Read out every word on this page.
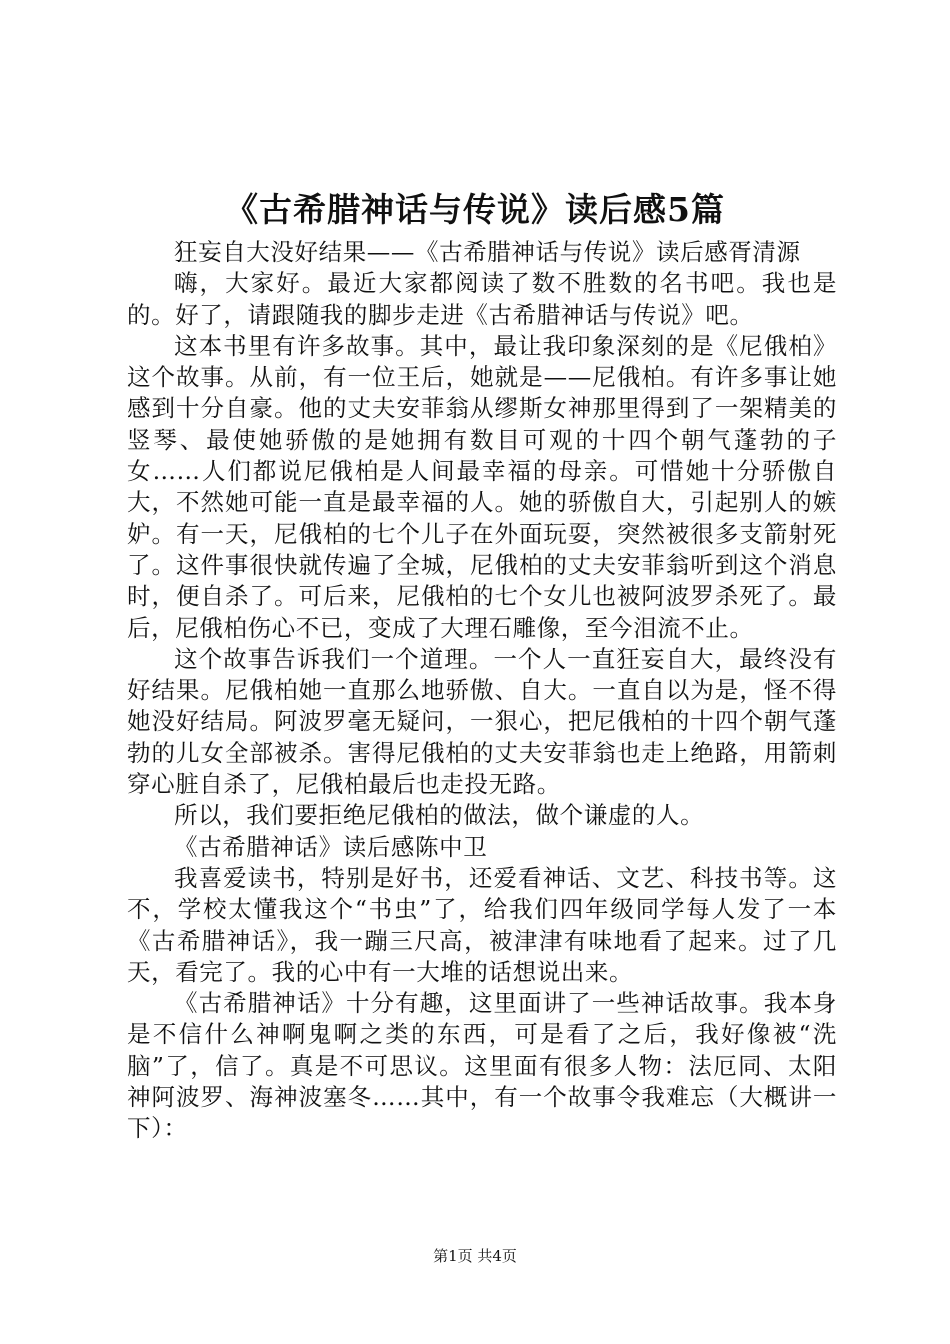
《古希腊神话与传说》读后感5篇

狂妄自大没好结果——《古希腊神话与传说》读后感胥清源

嗨，大家好。最近大家都阅读了数不胜数的名书吧。我也是的。好了，请跟随我的脚步走进《古希腊神话与传说》吧。

这本书里有许多故事。其中，最让我印象深刻的是《尼俄柏》这个故事。从前，有一位王后，她就是——尼俄柏。有许多事让她感到十分自豪。他的丈夫安菲翁从缪斯女神那里得到了一架精美的竖琴、最使她骄傲的是她拥有数目可观的十四个朝气蓬勃的子女……人们都说尼俄柏是人间最幸福的母亲。可惜她十分骄傲自大，不然她可能一直是最幸福的人。她的骄傲自大，引起别人的嫉妒。有一天，尼俄柏的七个儿子在外面玩耍，突然被很多支箭射死了。这件事很快就传遍了全城，尼俄柏的丈夫安菲翁听到这个消息时，便自杀了。可后来，尼俄柏的七个女儿也被阿波罗杀死了。最后，尼俄柏伤心不已，变成了大理石雕像，至今泪流不止。

这个故事告诉我们一个道理。一个人一直狂妄自大，最终没有好结果。尼俄柏她一直那么地骄傲、自大。一直自以为是，怪不得她没好结局。阿波罗毫无疑问，一狠心，把尼俄柏的十四个朝气蓬勃的儿女全部被杀。害得尼俄柏的丈夫安菲翁也走上绝路，用箭刺穿心脏自杀了，尼俄柏最后也走投无路。

所以，我们要拒绝尼俄柏的做法，做个谦虚的人。

《古希腊神话》读后感陈中卫

我喜爱读书，特别是好书，还爱看神话、文艺、科技书等。这不，学校太懂我这个“书虫”了，给我们四年级同学每人发了一本《古希腊神话》，我一蹦三尺高，被津津有味地看了起来。过了几天，看完了。我的心中有一大堆的话想说出来。

《古希腊神话》十分有趣，这里面讲了一些神话故事。我本身是不信什么神啊鬼啊之类的东西，可是看了之后，我好像被“洗脑”了，信了。真是不可思议。这里面有很多人物：法厄同、太阳神阿波罗、海神波塞冬……其中，有一个故事令我难忘（大概讲一下）：

第1页 共4页
